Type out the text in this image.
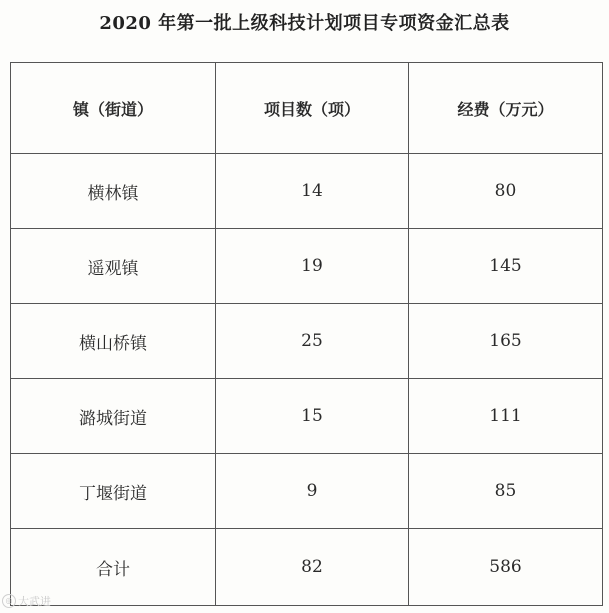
2020 年第一批上级科技计划项目专项资金汇总表
镇（街道）	项目数（项）	经费（万元）
横林镇	14	80
遥观镇	19	145
横山桥镇	25	165
潞城街道	15	111
丁堰街道	9	85
合计	82	586
◎ 大武进
